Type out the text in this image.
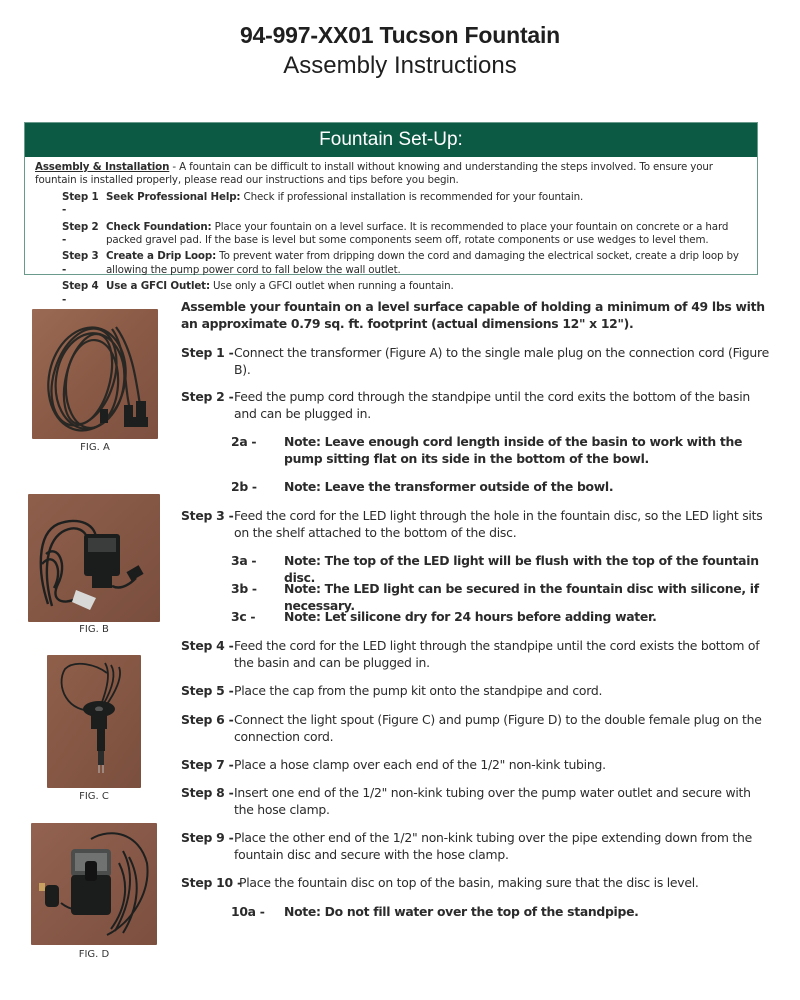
94-997-XX01 Tucson Fountain
Assembly Instructions
Fountain Set-Up:
Assembly & Installation - A fountain can be difficult to install without knowing and understanding the steps involved. To ensure your fountain is installed properly, please read our instructions and tips before you begin.
Step 1 -
Seek Professional Help: Check if professional installation is recommended for your fountain.
Step 2 -
Check Foundation: Place your fountain on a level surface. It is recommended to place your fountain on concrete or a hard packed gravel pad. If the base is level but some components seem off, rotate components or use wedges to level them.
Step 3 -
Create a Drip Loop: To prevent water from dripping down the cord and damaging the electrical socket, create a drip loop by allowing the pump power cord to fall below the wall outlet.
Step 4 -
Use a GFCI Outlet: Use only a GFCI outlet when running a fountain.
FIG. A
FIG. B
FIG. C
FIG. D
Assemble your fountain on a level surface capable of holding a minimum of 49 lbs with an approximate 0.79 sq. ft. footprint (actual dimensions 12" x 12").
Step 1 - Connect the transformer (Figure A) to the single male plug on the connection cord (Figure B).
Step 2 - Feed the pump cord through the standpipe until the cord exits the bottom of the basin and can be plugged in.
2a -	Note: Leave enough cord length inside of the basin to work with the pump sitting flat on its side in the bottom of the bowl.
2b -	Note: Leave the transformer outside of the bowl.
Step 3 - Feed the cord for the LED light through the hole in the fountain disc, so the LED light sits on the shelf attached to the bottom of the disc.
3a -	Note: The top of the LED light will be flush with the top of the fountain disc.
3b -	Note: The LED light can be secured in the fountain disc with silicone, if necessary.
3c -	Note: Let silicone dry for 24 hours before adding water.
Step 4 - Feed the cord for the LED light through the standpipe until the cord exists the bottom of the basin and can be plugged in.
Step 5 - Place the cap from the pump kit onto the standpipe and cord.
Step 6 - Connect the light spout (Figure C) and pump (Figure D) to the double female plug on the connection cord.
Step 7 - Place a hose clamp over each end of the 1/2" non-kink tubing.
Step 8 - Insert one end of the 1/2" non-kink tubing over the pump water outlet and secure with the hose clamp.
Step 9 - Place the other end of the 1/2" non-kink tubing over the pipe extending down from the fountain disc and secure with the hose clamp.
Step 10 -
Place the fountain disc on top of the basin, making sure that the disc is level.
10a -	Note: Do not fill water over the top of the standpipe.
